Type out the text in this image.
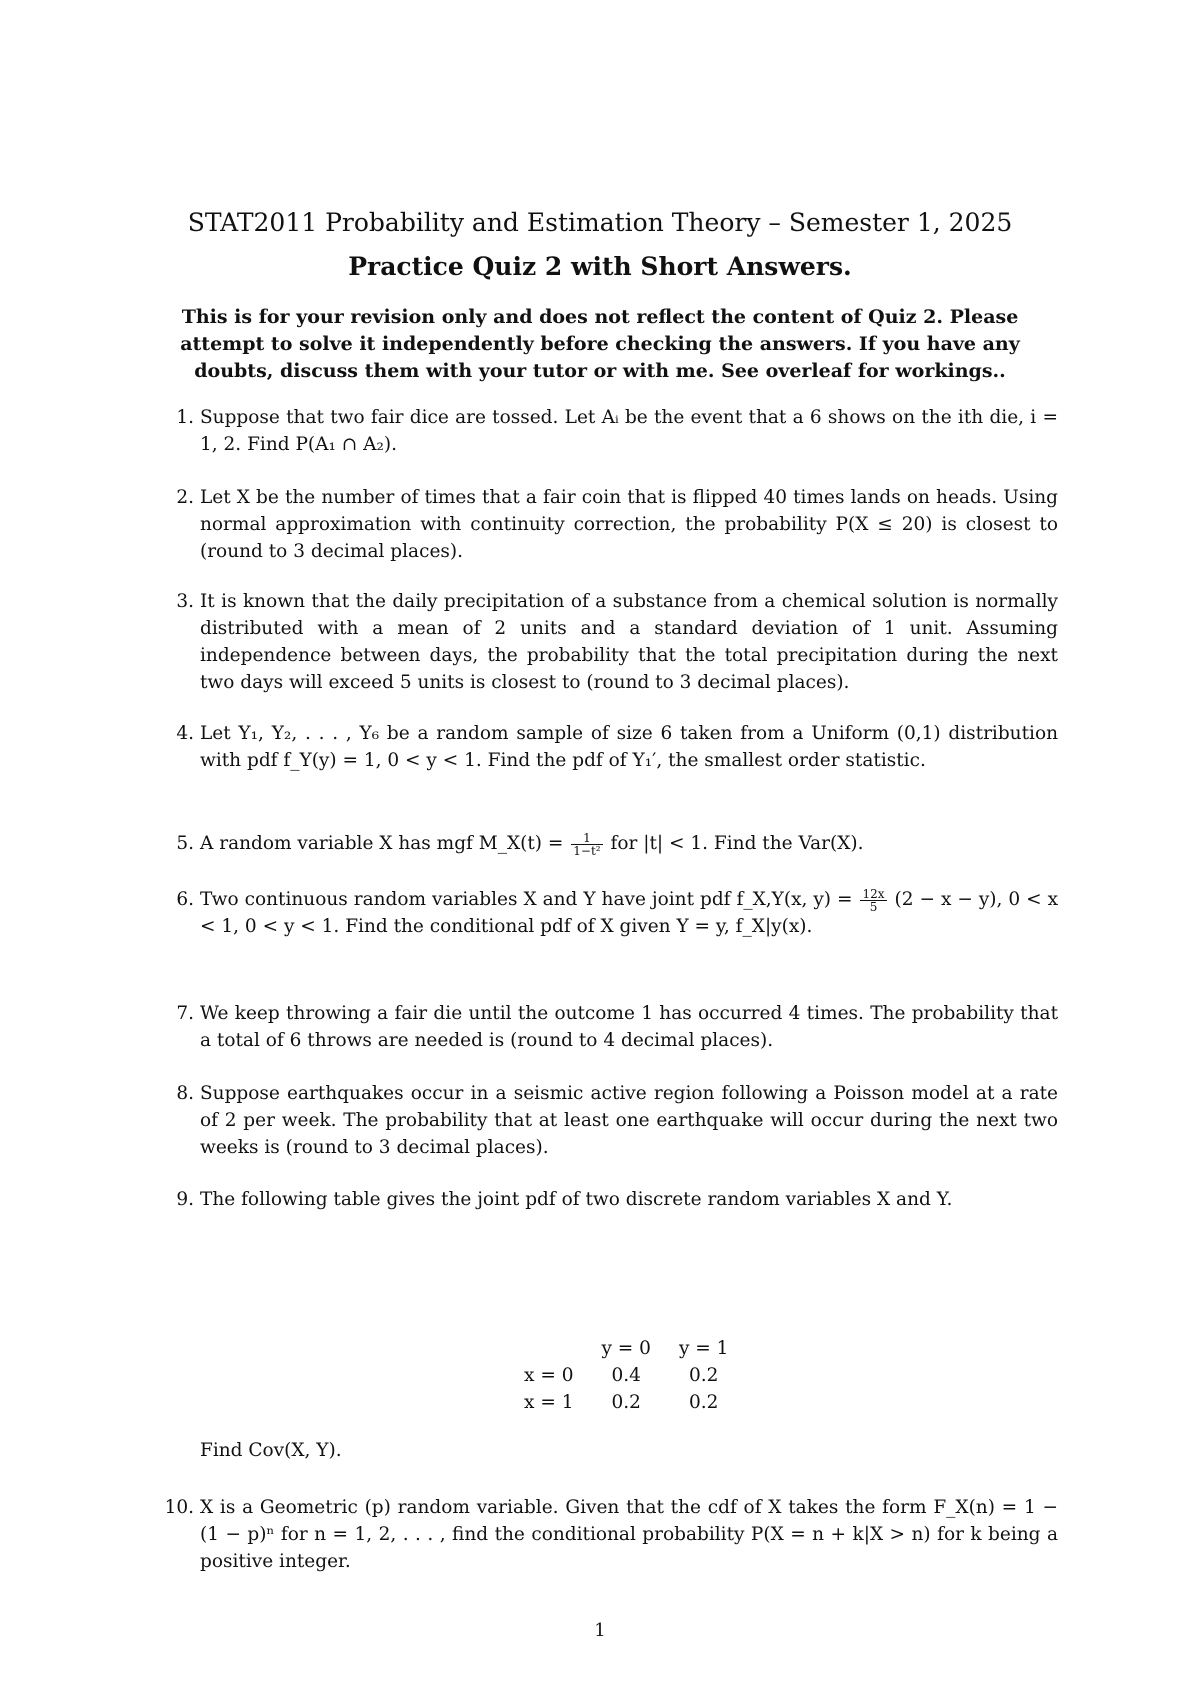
STAT2011 Probability and Estimation Theory – Semester 1, 2025
Practice Quiz 2 with Short Answers.
This is for your revision only and does not reflect the content of Quiz 2. Please attempt to solve it independently before checking the answers. If you have any doubts, discuss them with your tutor or with me. See overleaf for workings..
1. Suppose that two fair dice are tossed. Let Aᵢ be the event that a 6 shows on the ith die, i = 1, 2. Find P(A₁ ∩ A₂).
2. Let X be the number of times that a fair coin that is flipped 40 times lands on heads. Using normal approximation with continuity correction, the probability P(X ≤ 20) is closest to (round to 3 decimal places).
3. It is known that the daily precipitation of a substance from a chemical solution is normally distributed with a mean of 2 units and a standard deviation of 1 unit. Assuming independence between days, the probability that the total precipitation during the next two days will exceed 5 units is closest to (round to 3 decimal places).
4. Let Y₁, Y₂, . . . , Y₆ be a random sample of size 6 taken from a Uniform (0,1) distribution with pdf f_Y(y) = 1, 0 < y < 1. Find the pdf of Y₁′, the smallest order statistic.
5. A random variable X has mgf M_X(t) = $\frac{1}{\text{1−t²}}$ for |t| < 1. Find the Var(X).
6. Two continuous random variables X and Y have joint pdf f_X,Y(x, $y) = \frac{12x}{5} (2 - x - y)$, 0 < x < 1, 0 < y < 1. Find the conditional pdf of X given Y = y, f_X|y(x).
7. We keep throwing a fair die until the outcome 1 has occurred 4 times. The probability that a total of 6 throws are needed is (round to 4 decimal places).
8. Suppose earthquakes occur in a seismic active region following a Poisson model at a rate of 2 per week. The probability that at least one earthquake will occur during the next two weeks is (round to 3 decimal places).
9. The following table gives the joint pdf of two discrete random variables X and Y.
	y = 0	y = 1
x = 0	0.4	0.2
x = 1	0.2	0.2
Find Cov(X, Y).
10. X is a Geometric (p) random variable. Given that the cdf of X takes the form F_X(n) = 1 − (1 − p)ⁿ for n = 1, 2, . . . , find the conditional probability P(X = n + k|X > n) for k being a positive integer.
1
